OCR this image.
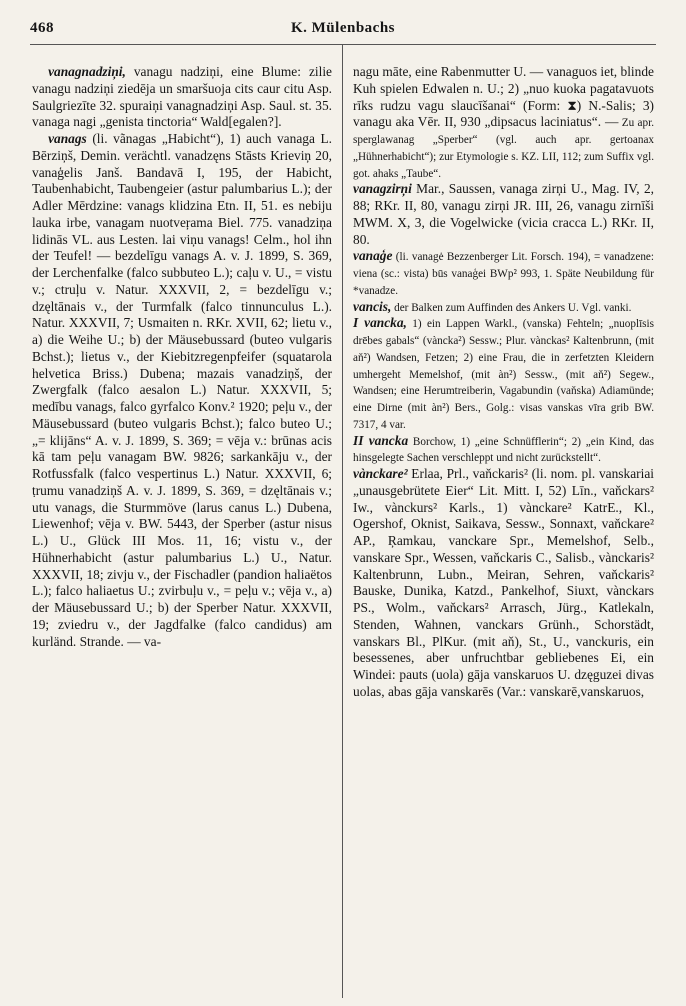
468	K. Mülenbachs

vanagnadziņi, vanagu nadziņi, eine Blume: zilie vanagu nadziņi ziedēja un smaršuoja cits caur citu Asp. Saulgriezīte 32. spuraiņi vanagnadziņi Asp. Saul. st. 35. vanaga nagi „genista tinctoria“ Wald[egalen?].

vanags (li. vãnagas „Habicht“), 1) auch vanaga L. Bērziņš, Demin. verächtl. vanadzęns Stāsts Krieviņ 20, vanaģelis Janš. Bandavā I, 195, der Habicht, Taubenhabicht, Taubengeier (astur palumbarius L.); der Adler Mērdzine: vanags klidzina Etn. II, 51. es nebiju lauka irbe, vanagam nuotveŗama Biel. 775. vanadziņa lidinās VL. aus Lesten. lai viņu vanags! Celm., hol ihn der Teufel! — bezdelīgu vanags A. v. J. 1899, S. 369, der Lerchenfalke (falco subbuteo L.); caļu v. U., = vistu v.; ctruļu v. Natur. XXXVII, 2, = bezdelīgu v.; dzęltānais v., der Turmfalk (falco tinnunculus L.). Natur. XXXVII, 7; Usmaiten n. RKr. XVII, 62; lietu v., a) die Weihe U.; b) der Mäusebussard (buteo vulgaris Bchst.); lietus v., der Kiebitzregenpfeifer (squatarola helvetica Briss.) Dubena; mazais vanadziņš, der Zwergfalk (falco aesalon L.) Natur. XXXVII, 5; medību vanags, falco gyrfalco Konv.² 1920; peļu v., der Mäusebussard (buteo vulgaris Bchst.); falco buteo U.; „= klijāns“ A. v. J. 1899, S. 369; = vēja v.: brūnas acis kā tam peļu vanagam BW. 9826; sarkankāju v., der Rotfussfalk (falco vespertinus L.) Natur. XXXVII, 6; ṭrumu vanadziņš A. v. J. 1899, S. 369, = dzęltānais v.; utu vanags, die Sturmmöve (larus canus L.) Dubena, Liewenhof; vēja v. BW. 5443, der Sperber (astur nisus L.) U., Glück III Mos. 11, 16; vistu v., der Hühnerhabicht (astur palumbarius L.) U., Natur. XXXVII, 18; zivju v., der Fischadler (pandion haliaëtos L.); falco haliaetus U.; zvirbuļu v., = peļu v.; vēja v., a) der Mäusebussard U.; b) der Sperber Natur. XXXVII, 19; zviedru v., der Jagdfalke (falco candidus) am kurländ. Strande. — va-

nagu māte, eine Rabenmutter U. — vanaguos iet, blinde Kuh spielen Edwalen n. U.; 2) „nuo kuoka pagatavuots rīks rudzu vagu slaucīšanai“ (Form: ⧗) N.-Salis; 3) vanagu aka Vēr. II, 930 „dipsacus laciniatus“. — Zu apr. sperglawanag „Sperber“ (vgl. auch apr. gertoanax „Hühnerhabicht“); zur Etymologie s. KZ. LII, 112; zum Suffix vgl. got. ahaks „Taube“.

vanagzirņi Mar., Saussen, vanaga zirņi U., Mag. IV, 2, 88; RKr. II, 80, vanagu zirņi JR. III, 26, vanagu zirnīši MWM. X, 3, die Vogelwicke (vicia cracca L.) RKr. II, 80.

vanaģe (li. vanagė Bezzenberger Lit. Forsch. 194), = vanadzene: viena (sc.: vista) būs vanaģei BWp² 993, 1. Späte Neubildung für *vanadze.

vancis, der Balken zum Auffinden des Ankers U. Vgl. vanki.

I vancka, 1) ein Lappen Warkl., (vanska) Fehteln; „nuoplīsis drēbes gabals“ (vàncka²) Sessw.; Plur. vànckas² Kaltenbrunn, (mit aň²) Wandsen, Fetzen; 2) eine Frau, die in zerfetzten Kleidern umhergeht Memelshof, (mit àn²) Sessw., (mit aň²) Segew., Wandsen; eine Herumtreiberin, Vagabundin (vaňska) Adiamünde; eine Dirne (mit àn²) Bers., Golg.: visas vanskas vīra grib BW. 7317, 4 var.

II vancka Borchow, 1) „eine Schnüfflerin“; 2) „ein Kind, das hinsgelegte Sachen verschleppt und nicht zurückstellt“.

vànckare² Erlaa, Prl., vaňckaris² (li. nom. pl. vanskariai „unausgebrütete Eier“ Lit. Mitt. I, 52) Līn., vaňckars² Iw., vànckurs² Karls., 1) vànckare² KatrE., Kl., Ogershof, Oknist, Saikava, Sessw., Sonnaxt, vaňckare² AP., Ŗamkau, vanckare Spr., Memelshof, Selb., vanskare Spr., Wessen, vaňckaris C., Salisb., vànckaris² Kaltenbrunn, Lubn., Meiran, Sehren, vaňckaris² Bauske, Dunika, Katzd., Pankelhof, Siuxt, vànckars PS., Wolm., vaňckars² Arrasch, Jürg., Katlekaln, Stenden, Wahnen, vanckars Grünh., Schorstädt, vanskars Bl., PlKur. (mit aň), St., U., vanckuris, ein besessenes, aber unfruchtbar gebliebenes Ei, ein Windei: pauts (uola) gāja vanskaruos U. dzęguzei divas uolas, abas gāja vanskarēs (Var.: vanskarē,vanskaruos,
